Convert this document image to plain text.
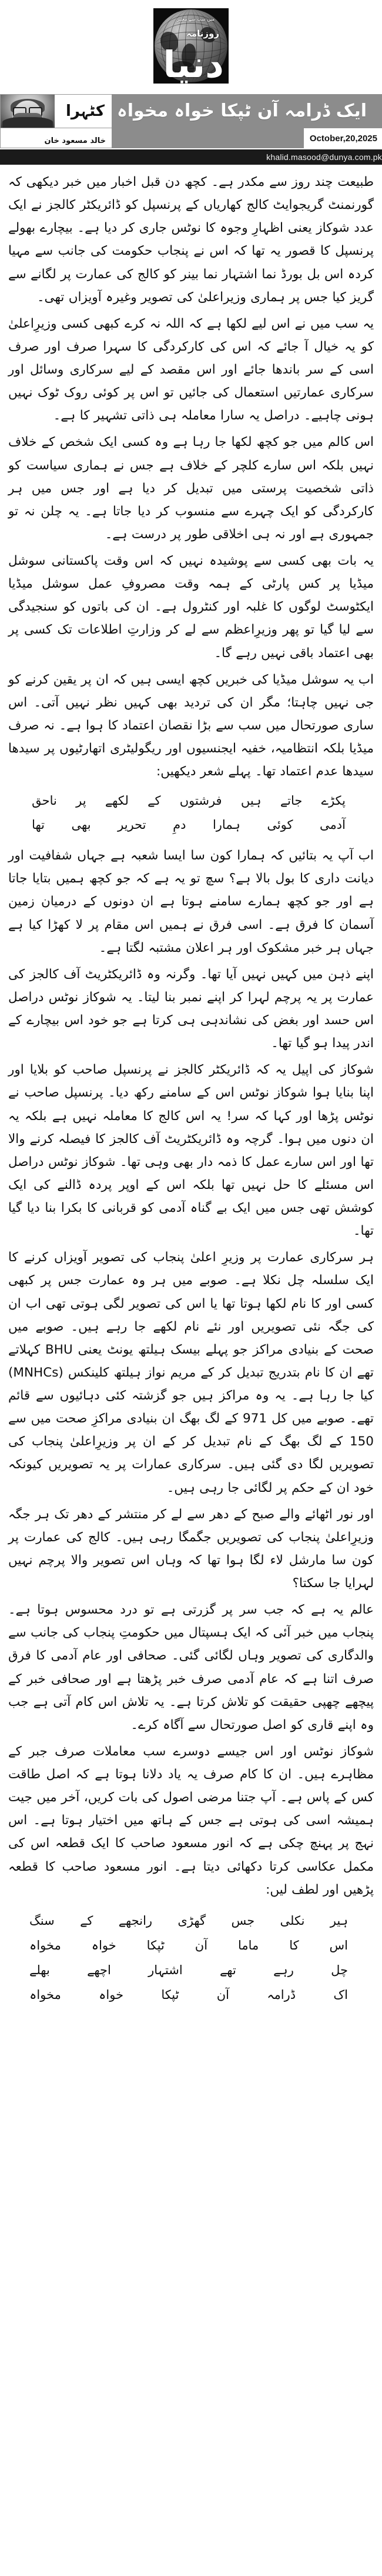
میں سب سے معتبر
روزنامہ
دنیا
ایک ڈرامہ آن ٹپکا خواہ مخواہ
کٹہرا
October,20,2025
خالد مسعود خان
khalid.masood@dunya.com.pk

طبیعت چند روز سے مکدر ہے۔ کچھ دن قبل اخبار میں خبر دیکھی کہ گورنمنٹ گریجوایٹ کالج کھاریاں کے پرنسپل کو ڈائریکٹر کالجز نے ایک عدد شوکاز یعنی اظہارِ وجوہ کا نوٹس جاری کر دیا ہے۔ بیچارے بھولے پرنسپل کا قصور یہ تھا کہ اس نے پنجاب حکومت کی جانب سے مہیا کردہ اس بل بورڈ نما اشتہار نما بینر کو کالج کی عمارت پر لگانے سے گریز کیا جس پر ہماری وزیراعلیٰ کی تصویر وغیرہ آویزاں تھی۔

یہ سب میں نے اس لیے لکھا ہے کہ اللہ نہ کرے کبھی کسی وزیرِاعلیٰ کو یہ خیال آ جائے کہ اس کی کارکردگی کا سہرا صرف اور صرف اسی کے سر باندھا جائے اور اس مقصد کے لیے سرکاری وسائل اور سرکاری عمارتیں استعمال کی جائیں تو اس پر کوئی روک ٹوک نہیں ہونی چاہیے۔ دراصل یہ سارا معاملہ ہی ذاتی تشہیر کا ہے۔

اس کالم میں جو کچھ لکھا جا رہا ہے وہ کسی ایک شخص کے خلاف نہیں بلکہ اس سارے کلچر کے خلاف ہے جس نے ہماری سیاست کو ذاتی شخصیت پرستی میں تبدیل کر دیا ہے اور جس میں ہر کارکردگی کو ایک چہرے سے منسوب کر دیا جاتا ہے۔ یہ چلن نہ تو جمہوری ہے اور نہ ہی اخلاقی طور پر درست ہے۔

یہ بات بھی کسی سے پوشیدہ نہیں کہ اس وقت پاکستانی سوشل میڈیا پر کس پارٹی کے ہمہ وقت مصروفِ عمل سوشل میڈیا ایکٹوسٹ لوگوں کا غلبہ اور کنٹرول ہے۔ ان کی باتوں کو سنجیدگی سے لیا گیا تو پھر وزیرِاعظم سے لے کر وزارتِ اطلاعات تک کسی پر بھی اعتماد باقی نہیں رہے گا۔

اب یہ سوشل میڈیا کی خبریں کچھ ایسی ہیں کہ ان پر یقین کرنے کو جی نہیں چاہتا؛ مگر ان کی تردید بھی کہیں نظر نہیں آتی۔ اس ساری صورتحال میں سب سے بڑا نقصان اعتماد کا ہوا ہے۔ نہ صرف میڈیا بلکہ انتظامیہ، خفیہ ایجنسیوں اور ریگولیٹری اتھارٹیوں پر سیدھا سیدھا عدم اعتماد تھا۔ پہلے شعر دیکھیں:

پکڑے
جاتے
ہیں
فرشتوں
کے
لکھے
پر
ناحق
آدمی
کوئی
ہمارا
دمِ
تحریر
بھی
تھا

اب آپ یہ بتائیں کہ ہمارا کون سا ایسا شعبہ ہے جہاں شفافیت اور دیانت داری کا بول بالا ہے؟ سچ تو یہ ہے کہ جو کچھ ہمیں بتایا جاتا ہے اور جو کچھ ہمارے سامنے ہوتا ہے ان دونوں کے درمیان زمین آسمان کا فرق ہے۔ اسی فرق نے ہمیں اس مقام پر لا کھڑا کیا ہے جہاں ہر خبر مشکوک اور ہر اعلان مشتبہ لگتا ہے۔

اپنے ذہن میں کہیں نہیں آیا تھا۔ وگرنہ وہ ڈائریکٹریٹ آف کالجز کی عمارت پر یہ پرچم لہرا کر اپنے نمبر بنا لیتا۔ یہ شوکاز نوٹس دراصل اس حسد اور بغض کی نشاندہی ہی کرتا ہے جو خود اس بیچارے کے اندر پیدا ہو گیا تھا۔

شوکاز کی اپیل یہ کہ ڈائریکٹر کالجز نے پرنسپل صاحب کو بلایا اور اپنا بنایا ہوا شوکاز نوٹس اس کے سامنے رکھ دیا۔ پرنسپل صاحب نے نوٹس پڑھا اور کہا کہ سر! یہ اس کالج کا معاملہ نہیں ہے بلکہ یہ ان دنوں میں ہوا۔ گرچہ وہ ڈائریکٹریٹ آف کالجز کا فیصلہ کرنے والا تھا اور اس سارے عمل کا ذمہ دار بھی وہی تھا۔ شوکاز نوٹس دراصل اس مسئلے کا حل نہیں تھا بلکہ اس کے اوپر پردہ ڈالنے کی ایک کوشش تھی جس میں ایک بے گناہ آدمی کو قربانی کا بکرا بنا دیا گیا تھا۔

ہر سرکاری عمارت پر وزیرِ اعلیٰ پنجاب کی تصویر آویزاں کرنے کا ایک سلسلہ چل نکلا ہے۔ صوبے میں ہر وہ عمارت جس پر کبھی کسی اور کا نام لکھا ہوتا تھا یا اس کی تصویر لگی ہوتی تھی اب ان کی جگہ نئی تصویریں اور نئے نام لکھے جا رہے ہیں۔ صوبے میں صحت کے بنیادی مراکز جو پہلے بیسک ہیلتھ یونٹ یعنی BHU کہلاتے تھے ان کا نام بتدریج تبدیل کر کے مریم نواز ہیلتھ کلینکس (MNHCs) کیا جا رہا ہے۔ یہ وہ مراکز ہیں جو گزشتہ کئی دہائیوں سے قائم تھے۔ صوبے میں کل 971 کے لگ بھگ ان بنیادی مراکزِ صحت میں سے 150 کے لگ بھگ کے نام تبدیل کر کے ان پر وزیرِاعلیٰ پنجاب کی تصویریں لگا دی گئی ہیں۔ سرکاری عمارات پر یہ تصویریں کیونکہ خود ان کے حکم پر لگائی جا رہی ہیں۔

اور نور اٹھائے والے صبح کے دھر سے لے کر منتشر کے دھر تک ہر جگہ وزیرِاعلیٰ پنجاب کی تصویریں جگمگا رہی ہیں۔ کالج کی عمارت پر کون سا مارشل لاء لگا ہوا تھا کہ وہاں اس تصویر والا پرچم نہیں لہرایا جا سکتا؟

عالم یہ ہے کہ جب سر پر گزرتی ہے تو درد محسوس ہوتا ہے۔ پنجاب میں خبر آئی کہ ایک ہسپتال میں حکومتِ پنجاب کی جانب سے والدگاری کی تصویر وہاں لگائی گئی۔ صحافی اور عام آدمی کا فرق صرف اتنا ہے کہ عام آدمی صرف خبر پڑھتا ہے اور صحافی خبر کے پیچھے چھپی حقیقت کو تلاش کرتا ہے۔ یہ تلاش اس کام آتی ہے جب وہ اپنے قاری کو اصل صورتحال سے آگاہ کرے۔

شوکاز نوٹس اور اس جیسے دوسرے سب معاملات صرف جبر کے مظاہرے ہیں۔ ان کا کام صرف یہ یاد دلانا ہوتا ہے کہ اصل طاقت کس کے پاس ہے۔ آپ جتنا مرضی اصول کی بات کریں، آخر میں جیت ہمیشہ اسی کی ہوتی ہے جس کے ہاتھ میں اختیار ہوتا ہے۔ اس نہج پر پہنچ چکی ہے کہ انور مسعود صاحب کا ایک قطعہ اس کی مکمل عکاسی کرتا دکھائی دیتا ہے۔ انور مسعود صاحب کا قطعہ پڑھیں اور لطف لیں:

ہیر
نکلی
جس
گھڑی
رانجھے
کے
سنگ
اس
کا
ماما
آن
ٹپکا
خواہ
مخواہ
چل
رہے
تھے
اشتہار
اچھے
بھلے
اک
ڈرامہ
آن
ٹپکا
خواہ
مخواہ
